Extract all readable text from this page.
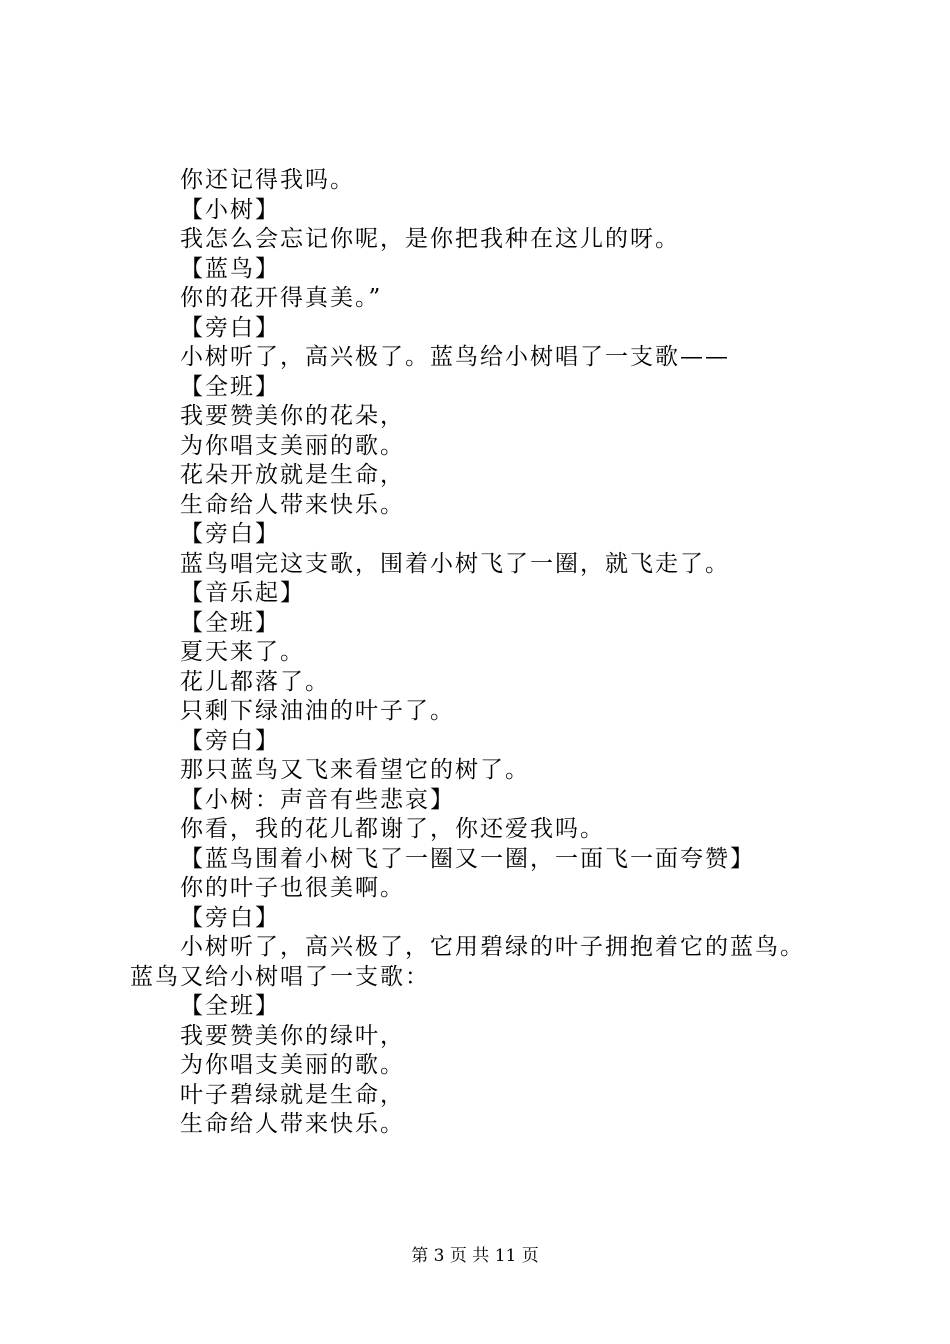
你还记得我吗。
【小树】
我怎么会忘记你呢，是你把我种在这儿的呀。
【蓝鸟】
你的花开得真美。”
【旁白】
小树听了，高兴极了。蓝鸟给小树唱了一支歌——
【全班】
我要赞美你的花朵，
为你唱支美丽的歌。
花朵开放就是生命，
生命给人带来快乐。
【旁白】
蓝鸟唱完这支歌，围着小树飞了一圈，就飞走了。
【音乐起】
【全班】
夏天来了。
花儿都落了。
只剩下绿油油的叶子了。
【旁白】
那只蓝鸟又飞来看望它的树了。
【小树：声音有些悲哀】
你看，我的花儿都谢了，你还爱我吗。
【蓝鸟围着小树飞了一圈又一圈，一面飞一面夸赞】
你的叶子也很美啊。
【旁白】
小树听了，高兴极了，它用碧绿的叶子拥抱着它的蓝鸟。
蓝鸟又给小树唱了一支歌：
【全班】
我要赞美你的绿叶，
为你唱支美丽的歌。
叶子碧绿就是生命，
生命给人带来快乐。
第 3 页 共 11 页
